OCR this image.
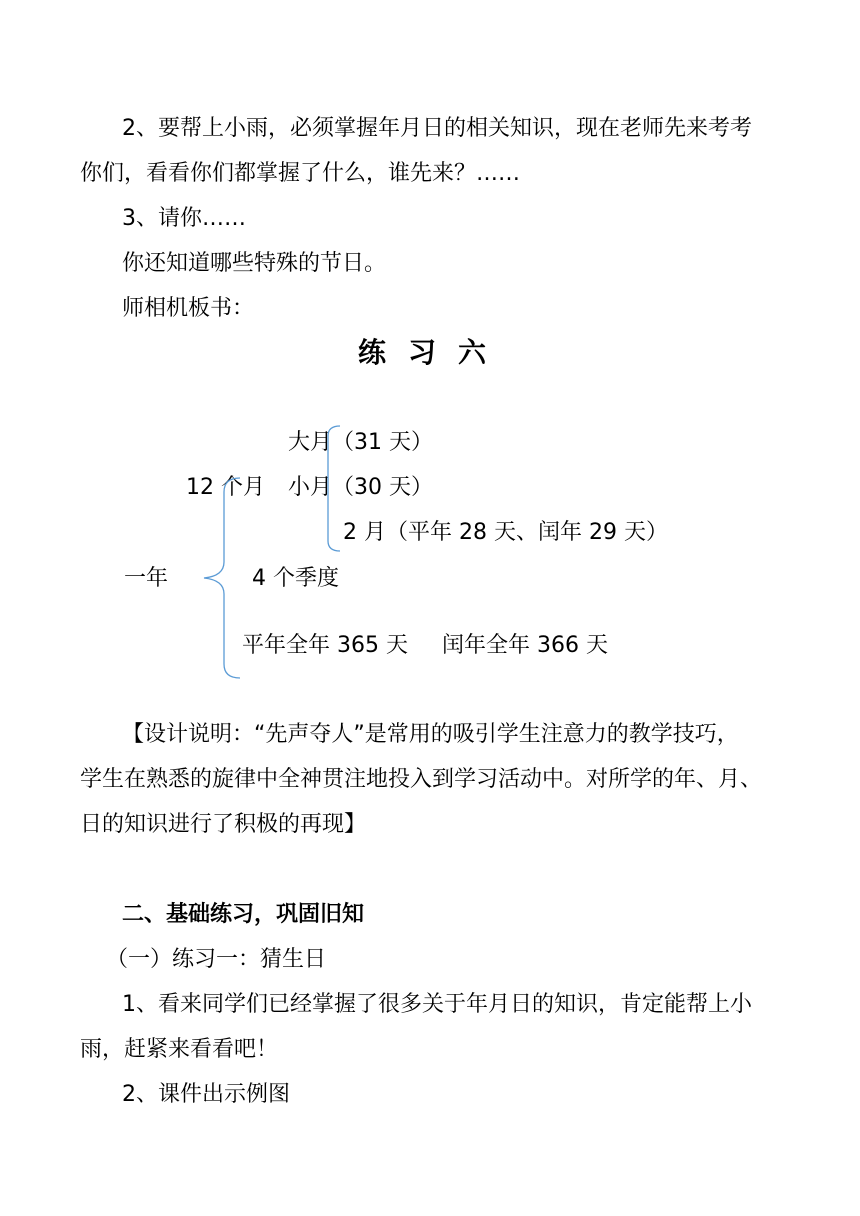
2、要帮上小雨，必须掌握年月日的相关知识，现在老师先来考考
你们，看看你们都掌握了什么，谁先来？……
3、请你……
你还知道哪些特殊的节日。
师相机板书：
练习六
大月（31 天）
12 个月 小月（30 天）
2 月（平年 28 天、闰年 29 天）
一年	4 个季度
平年全年 365 天 闰年全年 366 天
【设计说明：“先声夺人”是常用的吸引学生注意力的教学技巧，
学生在熟悉的旋律中全神贯注地投入到学习活动中。对所学的年、月、
日的知识进行了积极的再现】
二、基础练习，巩固旧知
（一）练习一：猜生日
1、看来同学们已经掌握了很多关于年月日的知识，肯定能帮上小
雨，赶紧来看看吧！
2、课件出示例图
